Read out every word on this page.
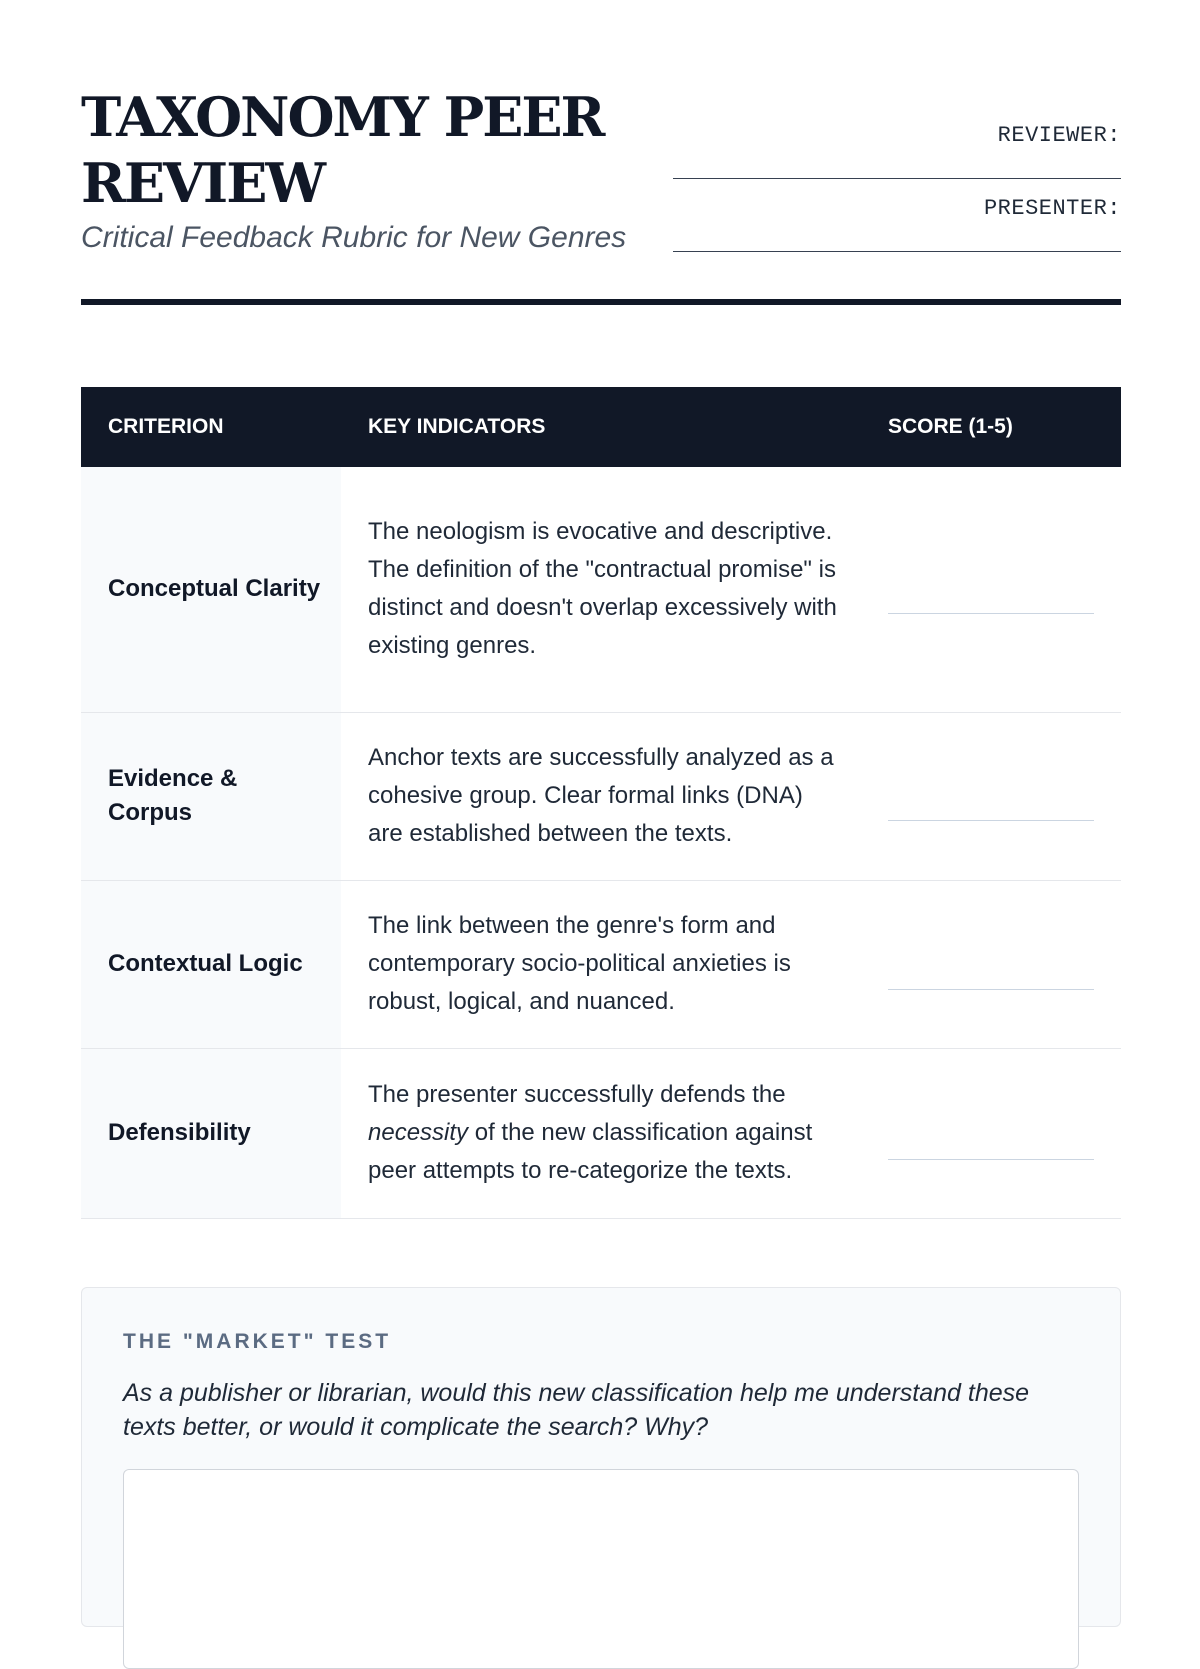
TAXONOMY PEER REVIEW
Critical Feedback Rubric for New Genres
REVIEWER:
PRESENTER:
CRITERION	KEY INDICATORS	SCORE (1-5)

Conceptual Clarity	The neologism is evocative and descriptive. The definition of the "contractual promise" is distinct and doesn't overlap excessively with existing genres.	

Evidence & Corpus	Anchor texts are successfully analyzed as a cohesive group. Clear formal links (DNA) are established between the texts.	

Contextual Logic	The link between the genre's form and contemporary socio-political anxieties is robust, logical, and nuanced.	

Defensibility	The presenter successfully defends the necessity of the new classification against peer attempts to re-categorize the texts.	
THE "MARKET" TEST
As a publisher or librarian, would this new classification help me understand these texts better, or would it complicate the search? Why?
